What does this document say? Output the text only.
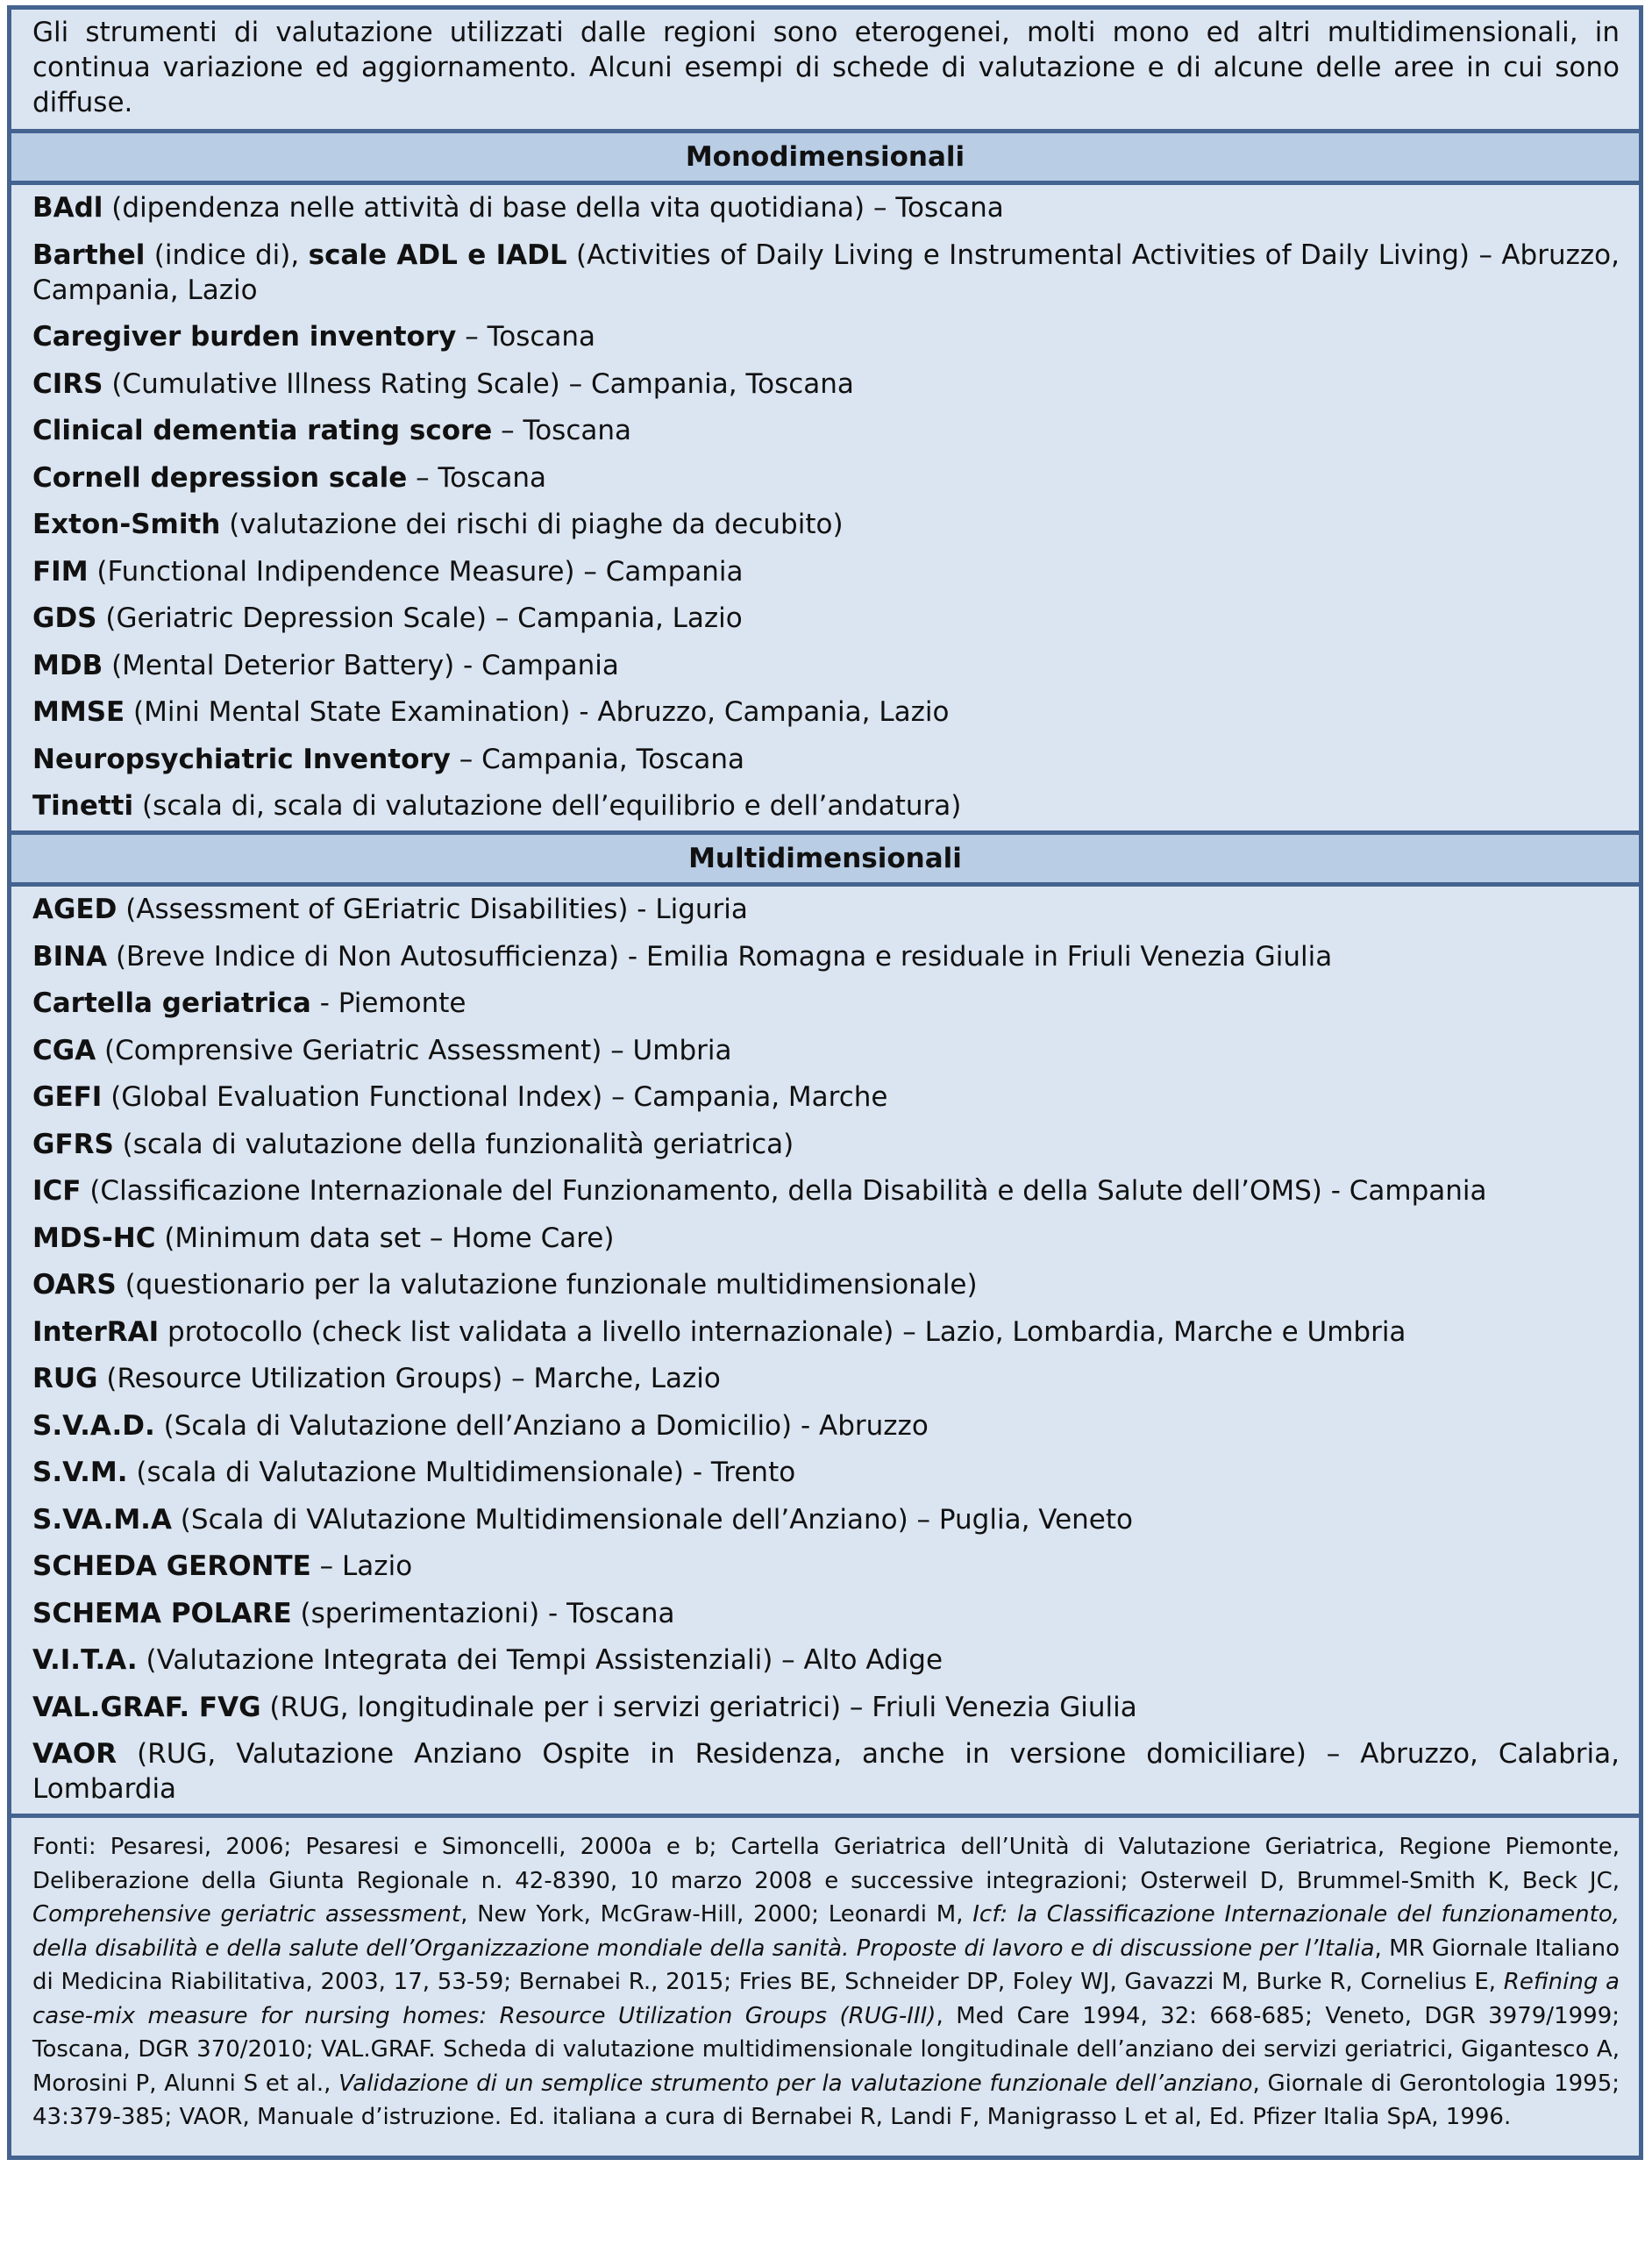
Gli strumenti di valutazione utilizzati dalle regioni sono eterogenei, molti mono ed altri multidimensionali, in continua variazione ed aggiornamento. Alcuni esempi di schede di valutazione e di alcune delle aree in cui sono diffuse.
Monodimensionali
BAdl (dipendenza nelle attività di base della vita quotidiana) – Toscana
Barthel (indice di), scale ADL e IADL (Activities of Daily Living e Instrumental Activities of Daily Living) – Abruzzo, Campania, Lazio
Caregiver burden inventory – Toscana
CIRS (Cumulative Illness Rating Scale) – Campania, Toscana
Clinical dementia rating score – Toscana
Cornell depression scale – Toscana
Exton-Smith (valutazione dei rischi di piaghe da decubito)
FIM (Functional Indipendence Measure) – Campania
GDS (Geriatric Depression Scale) – Campania, Lazio
MDB (Mental Deterior Battery) - Campania
MMSE (Mini Mental State Examination) - Abruzzo, Campania, Lazio
Neuropsychiatric Inventory – Campania, Toscana
Tinetti (scala di, scala di valutazione dell’equilibrio e dell’andatura)
Multidimensionali
AGED (Assessment of GEriatric Disabilities) - Liguria
BINA (Breve Indice di Non Autosufficienza) - Emilia Romagna e residuale in Friuli Venezia Giulia
Cartella geriatrica - Piemonte
CGA (Comprensive Geriatric Assessment) – Umbria
GEFI (Global Evaluation Functional Index) – Campania, Marche
GFRS (scala di valutazione della funzionalità geriatrica)
ICF (Classificazione Internazionale del Funzionamento, della Disabilità e della Salute dell’OMS) - Campania
MDS-HC (Minimum data set – Home Care)
OARS (questionario per la valutazione funzionale multidimensionale)
InterRAI protocollo (check list validata a livello internazionale) – Lazio, Lombardia, Marche e Umbria
RUG (Resource Utilization Groups) – Marche, Lazio
S.V.A.D. (Scala di Valutazione dell’Anziano a Domicilio) - Abruzzo
S.V.M. (scala di Valutazione Multidimensionale) - Trento
S.VA.M.A (Scala di VAlutazione Multidimensionale dell’Anziano) – Puglia, Veneto
SCHEDA GERONTE – Lazio
SCHEMA POLARE (sperimentazioni) - Toscana
V.I.T.A. (Valutazione Integrata dei Tempi Assistenziali) – Alto Adige
VAL.GRAF. FVG (RUG, longitudinale per i servizi geriatrici) – Friuli Venezia Giulia
VAOR (RUG, Valutazione Anziano Ospite in Residenza, anche in versione domiciliare) – Abruzzo, Calabria, Lombardia
Fonti: Pesaresi, 2006; Pesaresi e Simoncelli, 2000a e b; Cartella Geriatrica dell’Unità di Valutazione Geriatrica, Regione Piemonte, Deliberazione della Giunta Regionale n. 42-8390, 10 marzo 2008 e successive integrazioni; Osterweil D, Brummel-Smith K, Beck JC, Comprehensive geriatric assessment, New York, McGraw-Hill, 2000; Leonardi M, Icf: la Classificazione Internazionale del funzionamento, della disabilità e della salute dell’Organizzazione mondiale della sanità. Proposte di lavoro e di discussione per l’Italia, MR Giornale Italiano di Medicina Riabilitativa, 2003, 17, 53-59; Bernabei R., 2015; Fries BE, Schneider DP, Foley WJ, Gavazzi M, Burke R, Cornelius E, Refining a case-mix measure for nursing homes: Resource Utilization Groups (RUG-III), Med Care 1994, 32: 668-685; Veneto, DGR 3979/1999; Toscana, DGR 370/2010; VAL.GRAF. Scheda di valutazione multidimensionale longitudinale dell’anziano dei servizi geriatrici, Gigantesco A, Morosini P, Alunni S et al., Validazione di un semplice strumento per la valutazione funzionale dell’anziano, Giornale di Gerontologia 1995; 43:379-385; VAOR, Manuale d’istruzione. Ed. italiana a cura di Bernabei R, Landi F, Manigrasso L et al, Ed. Pfizer Italia SpA, 1996.
